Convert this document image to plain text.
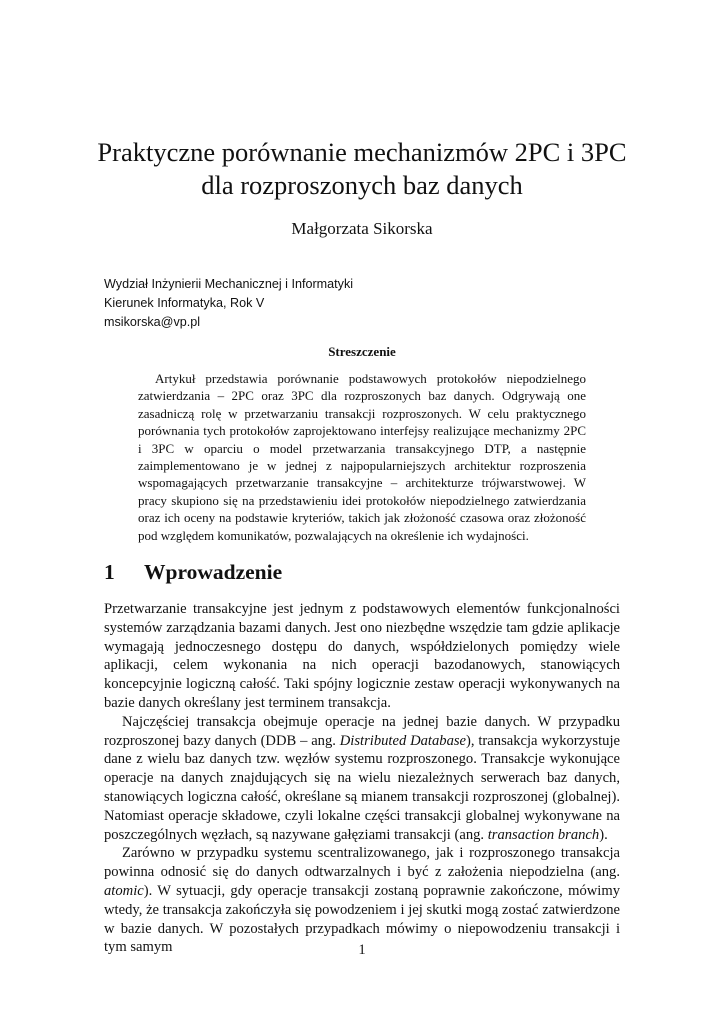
Praktyczne porównanie mechanizmów 2PC i 3PC
dla rozproszonych baz danych
Małgorzata Sikorska
Wydział Inżynierii Mechanicznej i Informatyki
Kierunek Informatyka, Rok V
msikorska@vp.pl
Streszczenie

Artykuł przedstawia porównanie podstawowych protokołów niepodzielnego zatwierdzania – 2PC oraz 3PC dla rozproszonych baz danych. Odgrywają one zasadniczą rolę w przetwarzaniu transakcji rozproszonych. W celu praktycznego porównania tych protokołów zaprojektowano interfejsy realizujące mechanizmy 2PC i 3PC w oparciu o model przetwarzania transakcyjnego DTP, a następnie zaimplementowano je w jednej z najpopularniejszych architektur rozproszenia wspomagających przetwarzanie transakcyjne – architekturze trójwarstwowej. W pracy skupiono się na przedstawieniu idei protokołów niepodzielnego zatwierdzania oraz ich oceny na podstawie kryteriów, takich jak złożoność czasowa oraz złożoność pod względem komunikatów, pozwalających na określenie ich wydajności.

1 Wprowadzenie

Przetwarzanie transakcyjne jest jednym z podstawowych elementów funkcjonalności systemów zarządzania bazami danych. Jest ono niezbędne wszędzie tam gdzie aplikacje wymagają jednoczesnego dostępu do danych, współdzielonych pomiędzy wiele aplikacji, celem wykonania na nich operacji bazodanowych, stanowiących koncepcyjnie logiczną całość. Taki spójny logicznie zestaw operacji wykonywanych na bazie danych określany jest terminem transakcja.

Najczęściej transakcja obejmuje operacje na jednej bazie danych. W przypadku rozproszonej bazy danych (DDB – ang. Distributed Database), transakcja wykorzystuje dane z wielu baz danych tzw. węzłów systemu rozproszonego. Transakcje wykonujące operacje na danych znajdujących się na wielu niezależnych serwerach baz danych, stanowiących logiczna całość, określane są mianem transakcji rozproszonej (globalnej). Natomiast operacje składowe, czyli lokalne części transakcji globalnej wykonywane na poszczególnych węzłach, są nazywane gałęziami transakcji (ang. transaction branch).

Zarówno w przypadku systemu scentralizowanego, jak i rozproszonego transakcja powinna odnosić się do danych odtwarzalnych i być z założenia niepodzielna (ang. atomic). W sytuacji, gdy operacje transakcji zostaną poprawnie zakończone, mówimy wtedy, że transakcja zakończyła się powodzeniem i jej skutki mogą zostać zatwierdzone w bazie danych. W pozostałych przypadkach mówimy o niepowodzeniu transakcji i tym samym	1
